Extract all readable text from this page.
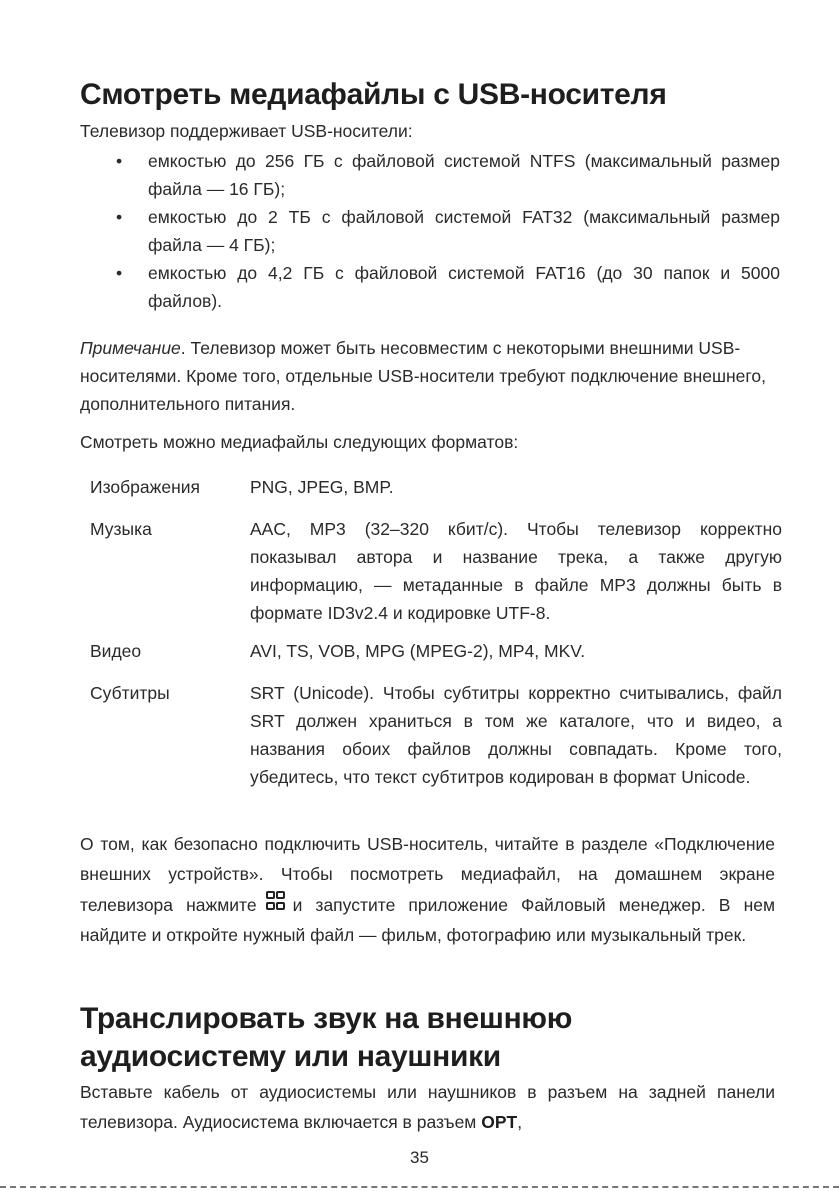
Смотреть медиафайлы с USB-носителя

Телевизор поддерживает USB-носители:

• емкостью до 256 ГБ с файловой системой NTFS (максимальный размер файла — 16 ГБ);
• емкостью до 2 ТБ с файловой системой FAT32 (максимальный размер файла — 4 ГБ);
• емкостью до 4,2 ГБ с файловой системой FAT16 (до 30 папок и 5000 файлов).

Примечание. Телевизор может быть несовместим с некоторыми внешними USB-носителями. Кроме того, отдельные USB-носители требуют подключение внешнего, дополнительного питания.

Смотреть можно медиафайлы следующих форматов:

Изображения	PNG, JPEG, BMP.
Музыка	AAC, MP3 (32–320 кбит/с). Чтобы телевизор корректно показывал автора и название трека, а также другую информацию, — метаданные в файле MP3 должны быть в формате ID3v2.4 и кодировке UTF-8.
Видео	AVI, TS, VOB, MPG (MPEG-2), MP4, MKV.
Субтитры	SRT (Unicode). Чтобы субтитры корректно считывались, файл SRT должен храниться в том же каталоге, что и видео, а названия обоих файлов должны совпадать. Кроме того, убедитесь, что текст субтитров кодирован в формат Unicode.

О том, как безопасно подключить USB-носитель, читайте в разделе «Подключение внешних устройств». Чтобы посмотреть медиафайл, на домашнем экране телевизора нажмите и запустите приложение Файловый менеджер. В нем найдите и откройте нужный файл — фильм, фотографию или музыкальный трек.

Транслировать звук на внешнюю аудиосистему или наушники

Вставьте кабель от аудиосистемы или наушников в разъем на задней панели телевизора. Аудиосистема включается в разъем OPT,

35
